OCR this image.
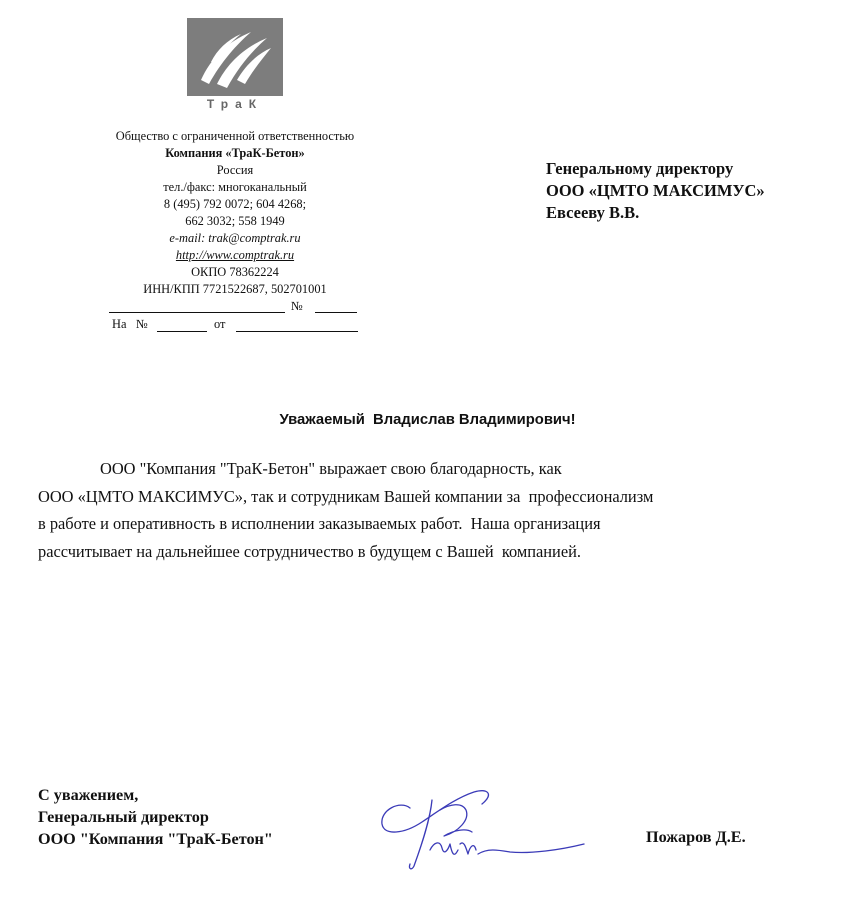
ТраК
Общество с ограниченной ответственностью
Компания «ТраК-Бетон»
Россия
тел./факс: многоканальный
8 (495) 792 0072; 604 4268;
662 3032; 558 1949
e-mail: trak@comptrak.ru
http://www.comptrak.ru
ОКПО 78362224
ИНН/КПП 7721522687, 502701001
№
На №	от
Генеральному директору
ООО «ЦМТО МАКСИМУС»
Евсееву В.В.
Уважаемый  Владислав Владимирович!
ООО "Компания "ТраК-Бетон" выражает свою благодарность, как
ООО «ЦМТО МАКСИМУС», так и сотрудникам Вашей компании за  профессионализм
в работе и оперативность в исполнении заказываемых работ.  Наша организация
рассчитывает на дальнейшее сотрудничество в будущем с Вашей  компанией.
С уважением,
Генеральный директор
ООО "Компания "ТраК-Бетон"	Пожаров Д.Е.
